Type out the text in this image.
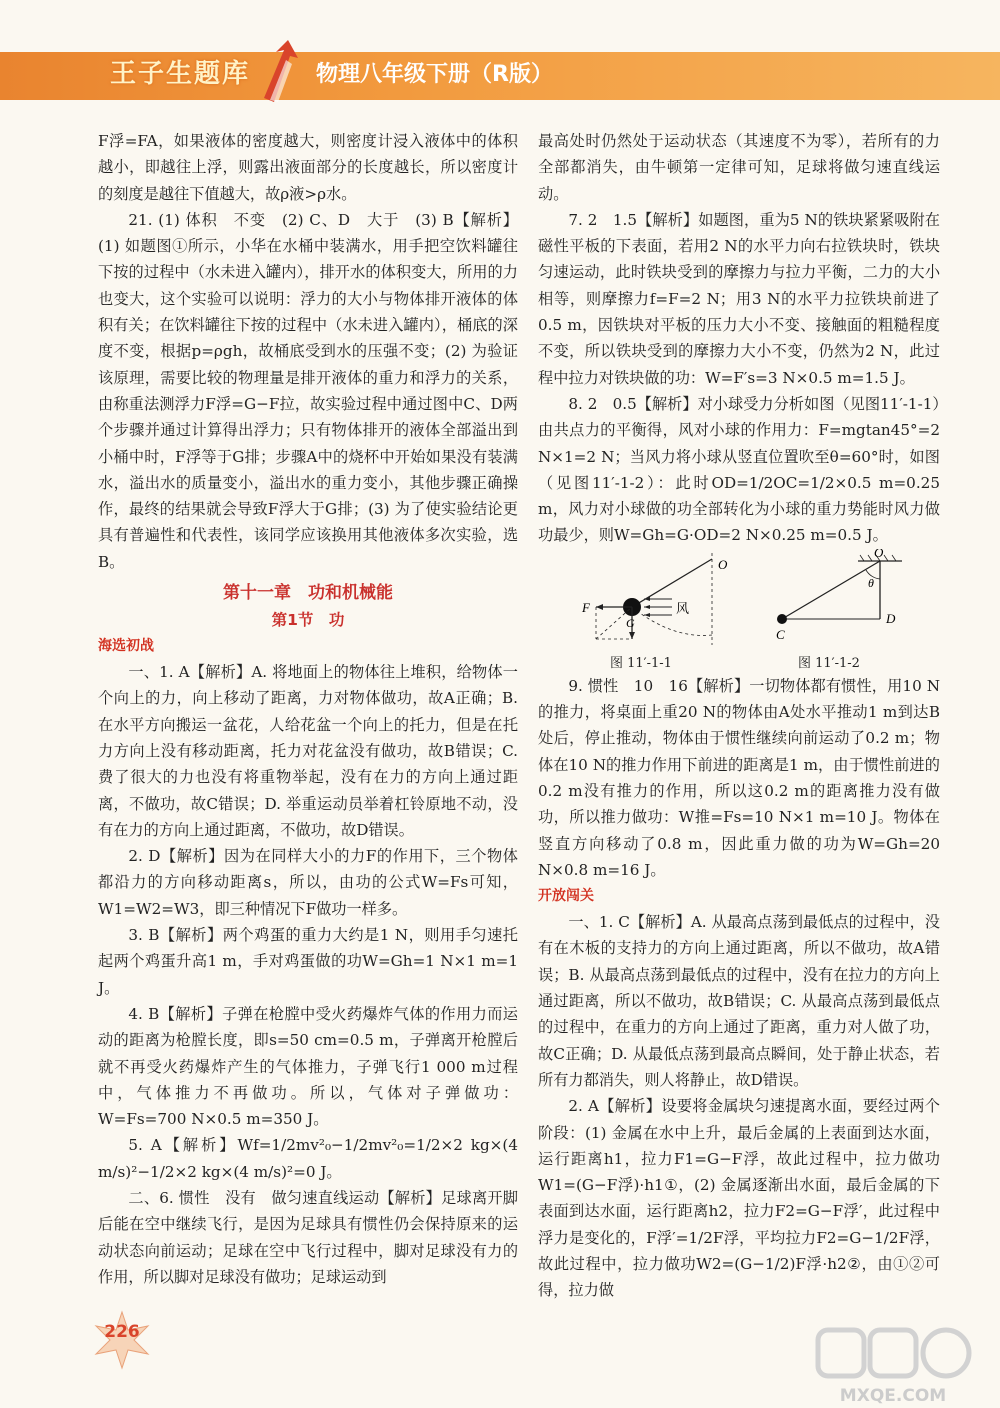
王子生题库	物理八年级下册（R版）

F浮=FA，如果液体的密度越大，则密度计浸入液体中的体积越小，即越往上浮，则露出液面部分的长度越长，所以密度计的刻度是越往下值越大，故ρ液>ρ水。

21. (1) 体积　不变　(2) C、D　大于　(3) B【解析】(1) 如题图①所示，小华在水桶中装满水，用手把空饮料罐往下按的过程中（水未进入罐内），排开水的体积变大，所用的力也变大，这个实验可以说明：浮力的大小与物体排开液体的体积有关；在饮料罐往下按的过程中（水未进入罐内），桶底的深度不变，根据p=ρgh，故桶底受到水的压强不变；(2) 为验证该原理，需要比较的物理量是排开液体的重力和浮力的关系，由称重法测浮力F浮=G−F拉，故实验过程中通过图中C、D两个步骤并通过计算得出浮力；只有物体排开的液体全部溢出到小桶中时，F浮等于G排；步骤A中的烧杯中开始如果没有装满水，溢出水的质量变小，溢出水的重力变小，其他步骤正确操作，最终的结果就会导致F浮大于G排；(3) 为了使实验结论更具有普遍性和代表性，该同学应该换用其他液体多次实验，选B。

第十一章　功和机械能
第1节　功
海选初战

一、1. A【解析】A. 将地面上的物体往上堆积，给物体一个向上的力，向上移动了距离，力对物体做功，故A正确；B. 在水平方向搬运一盆花，人给花盆一个向上的托力，但是在托力方向上没有移动距离，托力对花盆没有做功，故B错误；C. 费了很大的力也没有将重物举起，没有在力的方向上通过距离，不做功，故C错误；D. 举重运动员举着杠铃原地不动，没有在力的方向上通过距离，不做功，故D错误。

2. D【解析】因为在同样大小的力F的作用下，三个物体都沿力的方向移动距离s，所以，由功的公式W=Fs可知，W1=W2=W3，即三种情况下F做功一样多。

3. B【解析】两个鸡蛋的重力大约是1 N，则用手匀速托起两个鸡蛋升高1 m，手对鸡蛋做的功W=Gh=1 N×1 m=1 J。

4. B【解析】子弹在枪膛中受火药爆炸气体的作用力而运动的距离为枪膛长度，即s=50 cm=0.5 m，子弹离开枪膛后就不再受火药爆炸产生的气体推力，子弹飞行1 000 m过程中，气体推力不再做功。所以，气体对子弹做功：W=Fs=700 N×0.5 m=350 J。

5. A【解析】Wf=1/2mv²₀−1/2mv²₀=1/2×2 kg×(4 m/s)²−1/2×2 kg×(4 m/s)²=0 J。

二、6. 惯性　没有　做匀速直线运动【解析】足球离开脚后能在空中继续飞行，是因为足球具有惯性仍会保持原来的运动状态向前运动；足球在空中飞行过程中，脚对足球没有力的作用，所以脚对足球没有做功；足球运动到

最高处时仍然处于运动状态（其速度不为零），若所有的力全部都消失，由牛顿第一定律可知，足球将做匀速直线运动。

7. 2　1.5【解析】如题图，重为5 N的铁块紧紧吸附在磁性平板的下表面，若用2 N的水平力向右拉铁块时，铁块匀速运动，此时铁块受到的摩擦力与拉力平衡，二力的大小相等，则摩擦力f=F=2 N；用3 N的水平力拉铁块前进了0.5 m，因铁块对平板的压力大小不变、接触面的粗糙程度不变，所以铁块受到的摩擦力大小不变，仍然为2 N，此过程中拉力对铁块做的功：W=F′s=3 N×0.5 m=1.5 J。

8. 2　0.5【解析】对小球受力分析如图（见图11′-1-1）由共点力的平衡得，风对小球的作用力：F=mgtan45°=2 N×1=2 N；当风力将小球从竖直位置吹至θ=60°时，如图（见图11′-1-2）：此时OD=1/2OC=1/2×0.5 m=0.25 m，风力对小球做的功全部转化为小球的重力势能时风力做功最少，则W=Gh=G·OD=2 N×0.25 m=0.5 J。

F
O
风
G
图 11′-1-1
O
θ
D
C
图 11′-1-2

9. 惯性　10　16【解析】一切物体都有惯性，用10 N的推力，将桌面上重20 N的物体由A处水平推动1 m到达B处后，停止推动，物体由于惯性继续向前运动了0.2 m；物体在10 N的推力作用下前进的距离是1 m，由于惯性前进的0.2 m没有推力的作用，所以这0.2 m的距离推力没有做功，所以推力做功：W推=Fs=10 N×1 m=10 J。物体在竖直方向移动了0.8 m，因此重力做的功为W=Gh=20 N×0.8 m=16 J。

开放闯关

一、1. C【解析】A. 从最高点荡到最低点的过程中，没有在木板的支持力的方向上通过距离，所以不做功，故A错误；B. 从最高点荡到最低点的过程中，没有在拉力的方向上通过距离，所以不做功，故B错误；C. 从最高点荡到最低点的过程中，在重力的方向上通过了距离，重力对人做了功，故C正确；D. 从最低点荡到最高点瞬间，处于静止状态，若所有力都消失，则人将静止，故D错误。

2. A【解析】设要将金属块匀速提离水面，要经过两个阶段：(1) 金属在水中上升，最后金属的上表面到达水面，运行距离h1，拉力F1=G−F浮，故此过程中，拉力做功W1=(G−F浮)·h1①，(2) 金属逐渐出水面，最后金属的下表面到达水面，运行距离h2，拉力F2=G−F浮′，此过程中浮力是变化的，F浮′=1/2F浮，平均拉力F2=G−1/2F浮，故此过程中，拉力做功W2=(G−1/2)F浮·h2②，由①②可得，拉力做

226
MXQE.COM
